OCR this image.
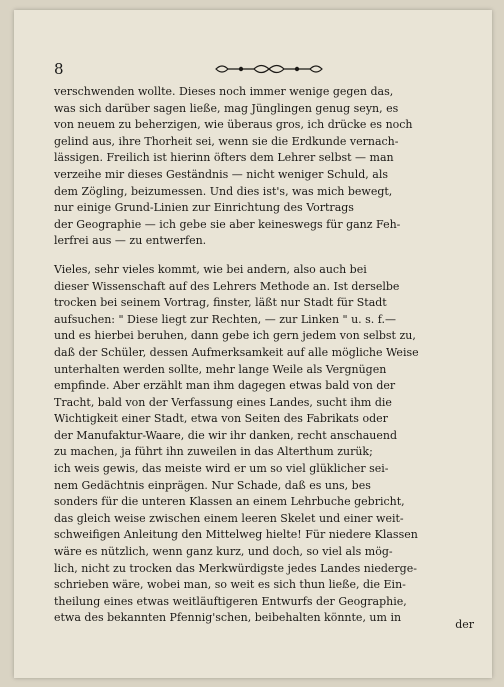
8
verschwenden wollte. Dieses noch immer wenige gegen das,
was sich darüber sagen ließe, mag Jünglingen genug seyn, es
von neuem zu beherzigen, wie überaus gros, ich drücke es noch
gelind aus, ihre Thorheit sei, wenn sie die Erdkunde vernach-
lässigen. Freilich ist hierinn öfters dem Lehrer selbst — man
verzeihe mir dieses Geständnis — nicht weniger Schuld, als
dem Zögling, beizumessen. Und dies ist's, was mich bewegt,
nur einige Grund-Linien zur Einrichtung des Vortrags
der Geographie — ich gebe sie aber keineswegs für ganz Feh-
lerfrei aus — zu entwerfen.
Vieles, sehr vieles kommt, wie bei andern, also auch bei
dieser Wissenschaft auf des Lehrers Methode an. Ist derselbe
trocken bei seinem Vortrag, finster, läßt nur Stadt für Stadt
aufsuchen: " Diese liegt zur Rechten, — zur Linken " u. s. f.—
und es hierbei beruhen, dann gebe ich gern jedem von selbst zu,
daß der Schüler, dessen Aufmerksamkeit auf alle mögliche Weise
unterhalten werden sollte, mehr lange Weile als Vergnügen
empfinde. Aber erzählt man ihm dagegen etwas bald von der
Tracht, bald von der Verfassung eines Landes, sucht ihm die
Wichtigkeit einer Stadt, etwa von Seiten des Fabrikats oder
der Manufaktur-Waare, die wir ihr danken, recht anschauend
zu machen, ja führt ihn zuweilen in das Alterthum zurük;
ich weis gewis, das meiste wird er um so viel glüklicher sei-
nem Gedächtnis einprägen. Nur Schade, daß es uns, bes
sonders für die unteren Klassen an einem Lehrbuche gebricht,
das gleich weise zwischen einem leeren Skelet und einer weit-
schweifigen Anleitung den Mittelweg hielte! Für niedere Klassen
wäre es nützlich, wenn ganz kurz, und doch, so viel als mög-
lich, nicht zu trocken das Merkwürdigste jedes Landes niederge-
schrieben wäre, wobei man, so weit es sich thun ließe, die Ein-
theilung eines etwas weitläuftigeren Entwurfs der Geographie,
etwa des bekannten Pfennig'schen, beibehalten könnte, um in
der
